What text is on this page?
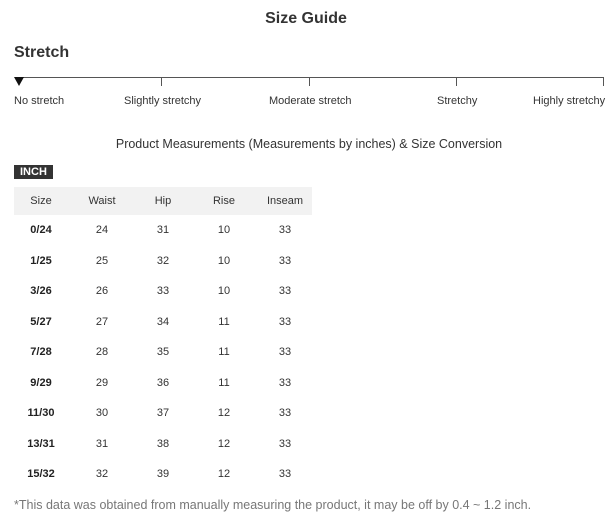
Size Guide
Stretch
No stretch	Slightly stretchy	Moderate stretch	Stretchy	Highly stretchy
Product Measurements (Measurements by inches) & Size Conversion
INCH
Size	Waist	Hip	Rise	Inseam
0/24	24	31	10	33
1/25	25	32	10	33
3/26	26	33	10	33
5/27	27	34	11	33
7/28	28	35	11	33
9/29	29	36	11	33
11/30	30	37	12	33
13/31	31	38	12	33
15/32	32	39	12	33
*This data was obtained from manually measuring the product, it may be off by 0.4 ~ 1.2 inch.
